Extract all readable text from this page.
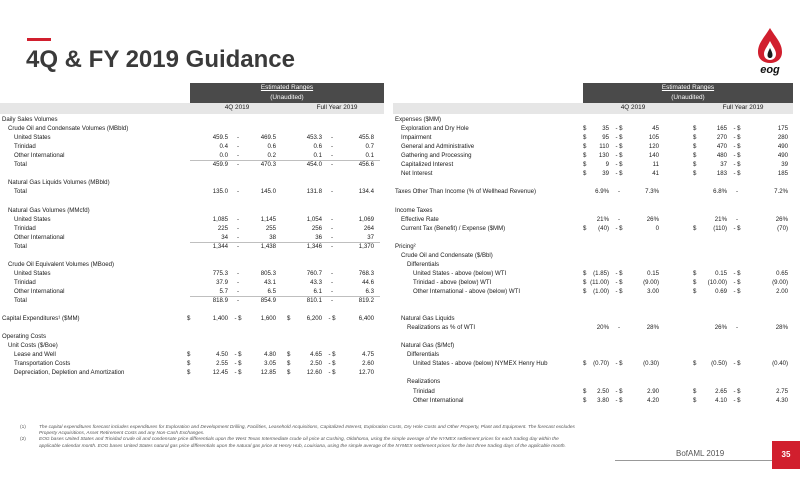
4Q & FY 2019 Guidance	eog
Estimated Ranges
(Unaudited)
4Q 2019	Full Year 2019
Daily Sales Volumes
Crude Oil and Condensate Volumes (MBbld)
United States	459.5	-	469.5	453.3	-	455.8
Trinidad	0.4	-	0.6	0.6	-	0.7
Other International	0.0	-	0.2	0.1	-	0.1
Total	459.9	-	470.3	454.0	-	456.6
Natural Gas Liquids Volumes (MBbld)
Total	135.0	-	145.0	131.8	-	134.4
Natural Gas Volumes (MMcfd)
United States	1,085	-	1,145	1,054	-	1,069
Trinidad	225	-	255	256	-	264
Other International	34	-	38	36	-	37
Total	1,344	-	1,438	1,346	-	1,370
Crude Oil Equivalent Volumes (MBoed)
United States	775.3	-	805.3	760.7	-	768.3
Trinidad	37.9	-	43.1	43.3	-	44.6
Other International	5.7	-	6.5	6.1	-	6.3
Total	818.9	-	854.9	810.1	-	819.2
Capital Expenditures¹ ($MM)	$	1,400	- $	1,600 $	6,200	- $	6,400
Operating Costs
Unit Costs ($/Boe)
Lease and Well	$	4.50	- $	4.80 $	4.65	- $	4.75
Transportation Costs	$	2.55	- $	3.05 $	2.50	- $	2.60
Depreciation, Depletion and Amortization	$	12.45	- $	12.85 $	12.60	- $	12.70
Estimated Ranges
(Unaudited)
4Q 2019	Full Year 2019
Expenses ($MM)
Exploration and Dry Hole	$	35	- $	45	$	165	- $	175
Impairment	$	95	- $	105	$	270	- $	280
General and Administrative	$	110	- $	120	$	470	- $	490
Gathering and Processing	$	130	- $	140	$	480	- $	490
Capitalized Interest	$	9	- $	11	$	37	- $	39
Net Interest	$	39	- $	41	$	183	- $	185
Taxes Other Than Income (% of Wellhead Revenue)	6.9%	-	7.3%	6.8%	-	7.2%
Income Taxes
Effective Rate	21%	-	26%	21%	-	26%
Current Tax (Benefit) / Expense ($MM)	$	(40)	- $	0	$	(110)	- $	(70)
Pricing²
Crude Oil and Condensate ($/Bbl)
Differentials
United States - above (below) WTI	$	(1.85)	- $	0.15	$	0.15	- $	0.65
Trinidad - above (below) WTI	$ (11.00)	- $	(9.00)	$	(10.00)	- $	(9.00)
Other International - above (below) WTI	$	(1.00)	- $	3.00	$	0.69	- $	2.00
Natural Gas Liquids
Realizations as % of WTI	20%	-	28%	26%	-	28%
Natural Gas ($/Mcf)
Differentials
United States - above (below) NYMEX Henry Hub	$	(0.70)	- $	(0.30)	$	(0.50)	- $	(0.40)
Realizations
Trinidad	$	2.50	- $	2.90	$	2.65	- $	2.75
Other International	$	3.80	- $	4.20	$	4.10	- $	4.30
(1)	The capital expenditures forecast includes expenditures for Exploration and Development Drilling, Facilities, Leasehold Acquisitions, Capitalized Interest, Exploration Costs, Dry Hole Costs and Other Property, Plant and Equipment. The forecast excludes Property Acquisitions, Asset Retirement Costs and any Non-Cash Exchanges.
(2)	EOG bases United States and Trinidad crude oil and condensate price differentials upon the West Texas Intermediate crude oil price at Cushing, Oklahoma, using the simple average of the NYMEX settlement prices for each trading day within the applicable calendar month. EOG bases United States natural gas price differentials upon the natural gas price at Henry Hub, Louisiana, using the simple average of the NYMEX settlement prices for the last three trading days of the applicable month.
BofAML 2019	35
